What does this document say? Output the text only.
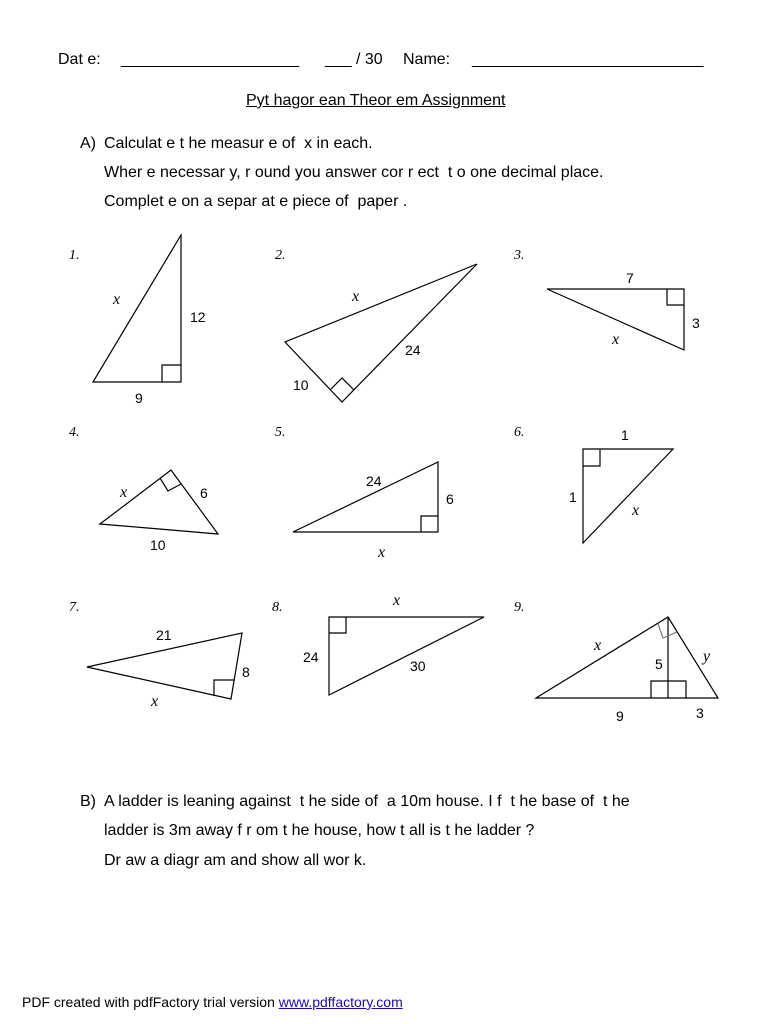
Dat e: ____________________ ___ / 30 Name: __________________________
Pyt hagor ean Theor em Assignment
A) Calculat e t he measur e of  x in each.
Wher e necessar y, r ound you answer cor r ect  t o one decimal place.
Complet e on a separ at e piece of  paper .
1.	2.	3.
4.	5.	6.
7.	8.	9.
x	x
x
x
x
x
x
x
x
y
12
9
24
10
7
3
6
10
24
6
1
1
21
8
24
30	5
9	3
B) A ladder is leaning against  t he side of  a 10m house. I f  t he base of  t he
ladder is 3m away f r om t he house, how t all is t he ladder ?
Dr aw a diagr am and show all wor k.
PDF created with pdfFactory trial version www.pdffactory.com
